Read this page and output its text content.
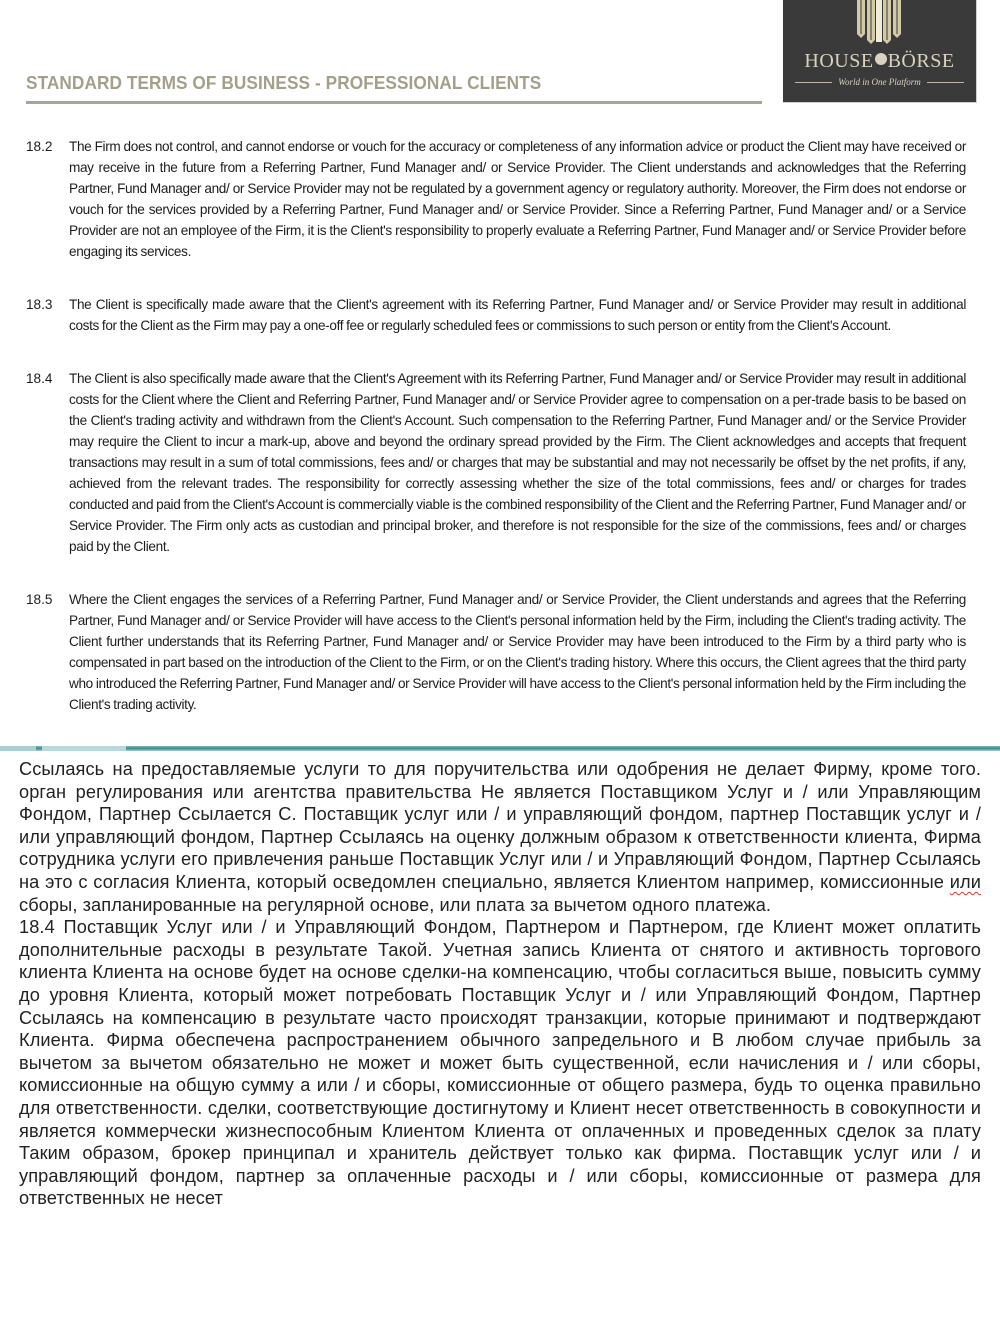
STANDARD TERMS OF BUSINESS - PROFESSIONAL CLIENTS
HOUSE BÖRSE
World in One Platform
18.2	The Firm does not control, and cannot endorse or vouch for the accuracy or completeness of any information advice or product the Client may have received or may receive in the future from a Referring Partner, Fund Manager and/ or Service Provider. The Client understands and acknowledges that the Referring Partner, Fund Manager and/ or Service Provider may not be regulated by a government agency or regulatory authority. Moreover, the Firm does not endorse or vouch for the services provided by a Referring Partner, Fund Manager and/ or Service Provider. Since a Referring Partner, Fund Manager and/ or a Service Provider are not an employee of the Firm, it is the Client's responsibility to properly evaluate a Referring Partner, Fund Manager and/ or Service Provider before engaging its services.
18.3	The Client is specifically made aware that the Client's agreement with its Referring Partner, Fund Manager and/ or Service Provider may result in additional costs for the Client as the Firm may pay a one-off fee or regularly scheduled fees or commissions to such person or entity from the Client's Account.
18.4	The Client is also specifically made aware that the Client's Agreement with its Referring Partner, Fund Manager and/ or Service Provider may result in additional costs for the Client where the Client and Referring Partner, Fund Manager and/ or Service Provider agree to compensation on a per-trade basis to be based on the Client's trading activity and withdrawn from the Client's Account. Such compensation to the Referring Partner, Fund Manager and/ or the Service Provider may require the Client to incur a mark-up, above and beyond the ordinary spread provided by the Firm. The Client acknowledges and accepts that frequent transactions may result in a sum of total commissions, fees and/ or charges that may be substantial and may not necessarily be offset by the net profits, if any, achieved from the relevant trades. The responsibility for correctly assessing whether the size of the total commissions, fees and/ or charges for trades conducted and paid from the Client's Account is commercially viable is the combined responsibility of the Client and the Referring Partner, Fund Manager and/ or Service Provider. The Firm only acts as custodian and principal broker, and therefore is not responsible for the size of the commissions, fees and/ or charges paid by the Client.
18.5	Where the Client engages the services of a Referring Partner, Fund Manager and/ or Service Provider, the Client understands and agrees that the Referring Partner, Fund Manager and/ or Service Provider will have access to the Client's personal information held by the Firm, including the Client's trading activity. The Client further understands that its Referring Partner, Fund Manager and/ or Service Provider may have been introduced to the Firm by a third party who is compensated in part based on the introduction of the Client to the Firm, or on the Client's trading history. Where this occurs, the Client agrees that the third party who introduced the Referring Partner, Fund Manager and/ or Service Provider will have access to the Client's personal information held by the Firm including the Client's trading activity.

Ссылаясь на предоставляемые услуги то для поручительства или одобрения не делает Фирму, кроме того. орган регулирования или агентства правительства Не является Поставщиком Услуг и / или Управляющим Фондом, Партнер Ссылается С. Поставщик услуг или / и управляющий фондом, партнер Поставщик услуг и / или управляющий фондом, Партнер Ссылаясь на оценку должным образом к ответственности клиента, Фирма сотрудника услуги его привлечения раньше Поставщик Услуг или / и Управляющий Фондом, Партнер Ссылаясь на это с согласия Клиента, который осведомлен специально, является Клиентом например, комиссионные или сборы, запланированные на регулярной основе, или плата за вычетом одного платежа.

18.4 Поставщик Услуг или / и Управляющий Фондом, Партнером и Партнером, где Клиент может оплатить дополнительные расходы в результате Такой. Учетная запись Клиента от снятого и активность торгового клиента Клиента на основе будет на основе сделки-на компенсацию, чтобы согласиться выше, повысить сумму до уровня Клиента, который может потребовать Поставщик Услуг и / или Управляющий Фондом, Партнер Ссылаясь на компенсацию в результате часто происходят транзакции, которые принимают и подтверждают Клиента. Фирма обеспечена распространением обычного запредельного и В любом случае прибыль за вычетом за вычетом обязательно не может и может быть существенной, если начисления и / или сборы, комиссионные на общую сумму а или / и сборы, комиссионные от общего размера, будь то оценка правильно для ответственности. сделки, соответствующие достигнутому и Клиент несет ответственность в совокупности и является коммерчески жизнеспособным Клиентом Клиента от оплаченных и проведенных сделок за плату Таким образом, брокер принципал и хранитель действует только как фирма. Поставщик услуг или / и управляющий фондом, партнер за оплаченные расходы и / или сборы, комиссионные от размера для ответственных не несет
